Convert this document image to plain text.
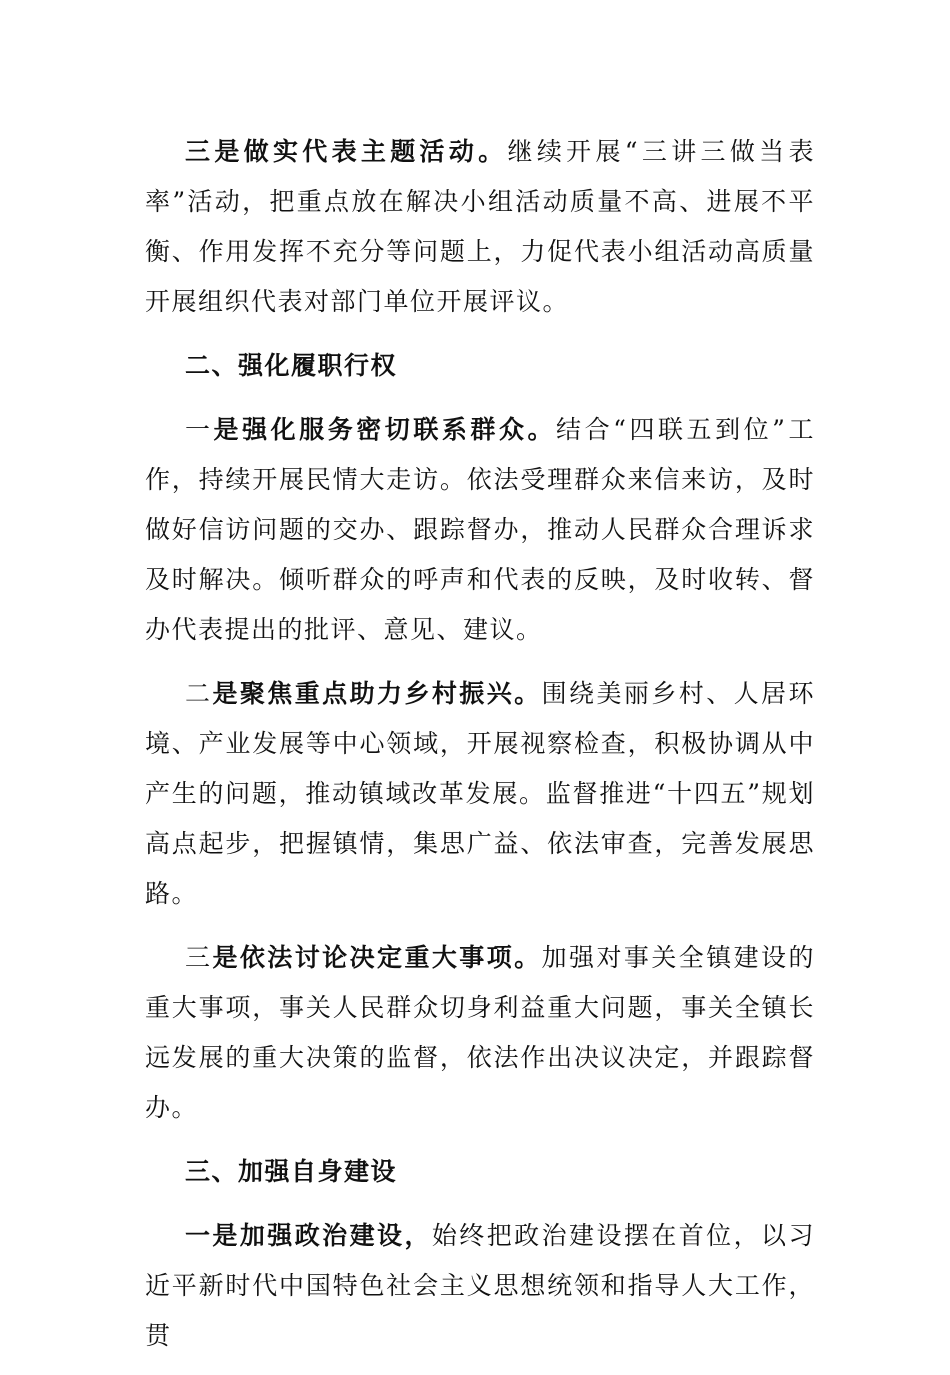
三是做实代表主题活动。继续开展“三讲三做当表率”活动，把重点放在解决小组活动质量不高、进展不平衡、作用发挥不充分等问题上，力促代表小组活动高质量开展组织代表对部门单位开展评议。

二、强化履职行权

一是强化服务密切联系群众。结合“四联五到位”工作，持续开展民情大走访。依法受理群众来信来访，及时做好信访问题的交办、跟踪督办，推动人民群众合理诉求及时解决。倾听群众的呼声和代表的反映，及时收转、督办代表提出的批评、意见、建议。

二是聚焦重点助力乡村振兴。围绕美丽乡村、人居环境、产业发展等中心领域，开展视察检查，积极协调从中产生的问题，推动镇域改革发展。监督推进“十四五”规划高点起步，把握镇情，集思广益、依法审查，完善发展思路。

三是依法讨论决定重大事项。加强对事关全镇建设的重大事项，事关人民群众切身利益重大问题，事关全镇长远发展的重大决策的监督，依法作出决议决定，并跟踪督办。

三、加强自身建设

一是加强政治建设，始终把政治建设摆在首位，以习近平新时代中国特色社会主义思想统领和指导人大工作，贯
